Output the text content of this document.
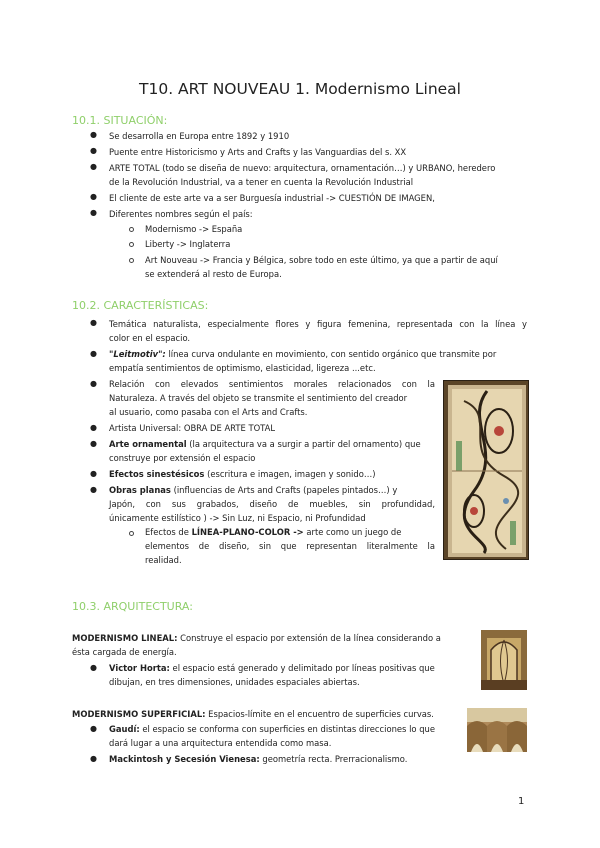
T10. ART NOUVEAU 1. Modernismo Lineal
10.1. SITUACIÓN:
● Se desarrolla en Europa entre 1892 y 1910
● Puente entre Historicismo y Arts and Crafts y las Vanguardias del s. XX
● ARTE TOTAL (todo se diseña de nuevo: arquitectura, ornamentación…) y URBANO, heredero
de la Revolución Industrial, va a tener en cuenta la Revolución Industrial
● El cliente de este arte va a ser Burguesía industrial -> CUESTIÓN DE IMAGEN,
● Diferentes nombres según el país:
Modernismo -> España
Liberty -> Inglaterra
Art Nouveau -> Francia y Bélgica, sobre todo en este último, ya que a partir de aquí
se extenderá al resto de Europa.
10.2. CARACTERÍSTICAS:
● Temática naturalista, especialmente flores y figura femenina, representada con la línea y
color en el espacio.
● "Leitmotiv": línea curva ondulante en movimiento, con sentido orgánico que transmite por
empatía sentimientos de optimismo, elasticidad, ligereza ...etc.
● Relación con elevados sentimientos morales relacionados con la
Naturaleza. A través del objeto se transmite el sentimiento del creador
al usuario, como pasaba con el Arts and Crafts.
● Artista Universal: OBRA DE ARTE TOTAL
● Arte ornamental (la arquitectura va a surgir a partir del ornamento) que
construye por extensión el espacio
● Efectos sinestésicos (escritura e imagen, imagen y sonido…)
● Obras planas (influencias de Arts and Crafts (papeles pintados…) y
Japón, con sus grabados, diseño de muebles, sin profundidad,
únicamente estilístico ) -> Sin Luz, ni Espacio, ni Profundidad
Efectos de LÍNEA-PLANO-COLOR -> arte como un juego de
elementos de diseño, sin que representan literalmente la
realidad.
10.3. ARQUITECTURA:
MODERNISMO LINEAL: Construye el espacio por extensión de la línea considerando a
ésta cargada de energía.
● Victor Horta: el espacio está generado y delimitado por líneas positivas que
dibujan, en tres dimensiones, unidades espaciales abiertas.
MODERNISMO SUPERFICIAL: Espacios-límite en el encuentro de superficies curvas.
● Gaudí: el espacio se conforma con superficies en distintas direcciones lo que
dará lugar a una arquitectura entendida como masa.
● Mackintosh y Secesión Vienesa: geometría recta. Prerracionalismo.
1
